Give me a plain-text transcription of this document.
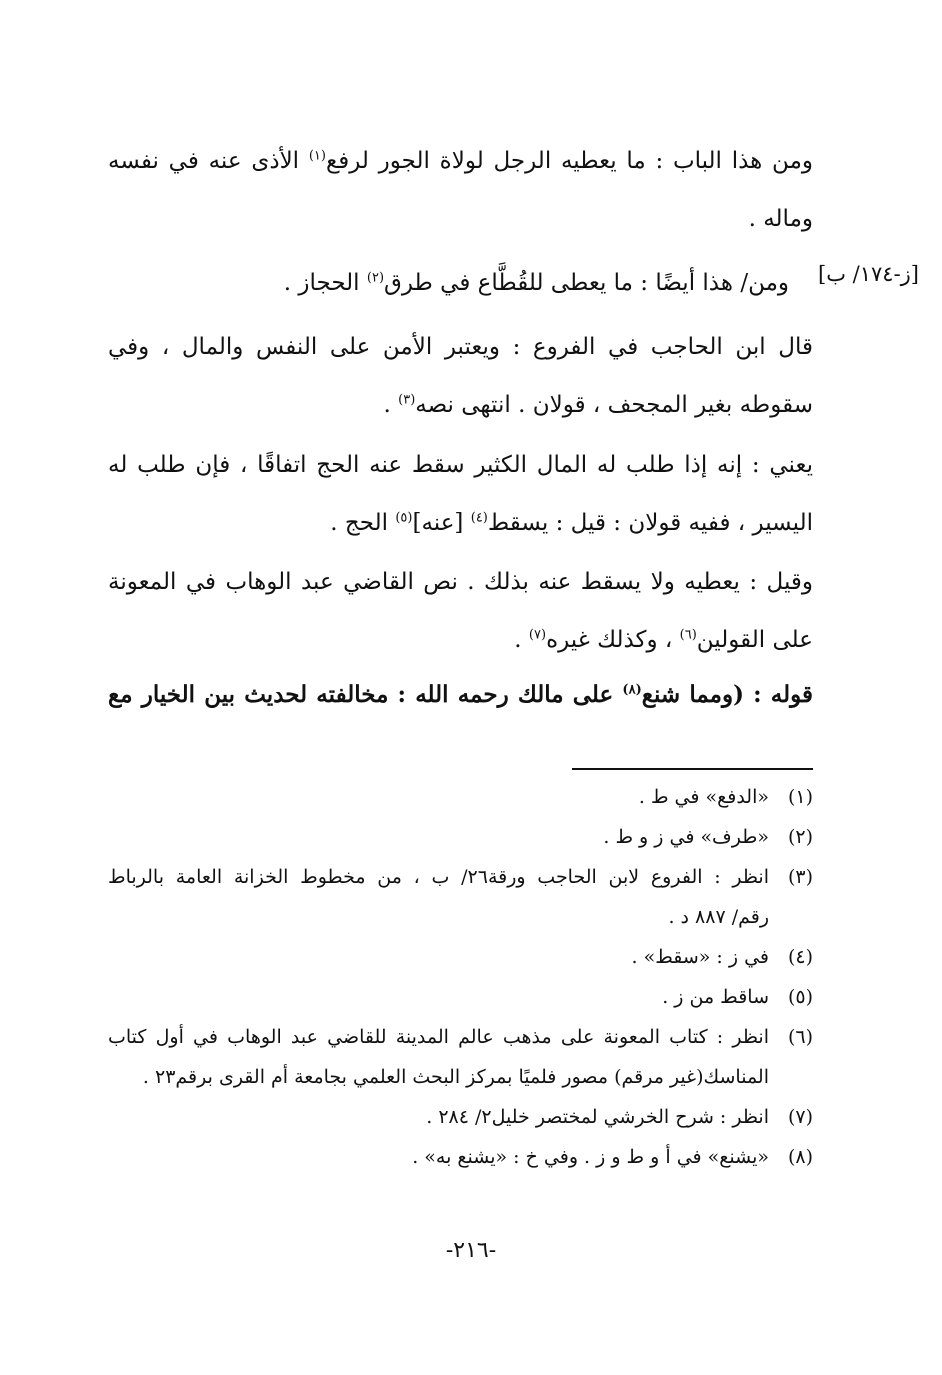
ومن هذا الباب : ما يعطيه الرجل لولاة الجور لرفع$^{(١)}$ الأذى عنه في نفسه
وماله .
[ز-١٧٤/ ب]
ومن/ هذا أيضًا : ما يعطى للقُطَّاع في طرق$^{(٢)}$ الحجاز .
قال ابن الحاجب في الفروع : ويعتبر الأمن على النفس والمال ، وفي
سقوطه بغير المجحف ، قولان . انتهى نصه$^{(٣)}$ .
يعني : إنه إذا طلب له المال الكثير سقط عنه الحج اتفاقًا ، فإن طلب له
اليسير ، ففيه قولان : قيل : يسقط$^{(٤)}$ [عنه]$^{(٥)}$ الحج .
وقيل : يعطيه ولا يسقط عنه بذلك . نص القاضي عبد الوهاب في المعونة
على القولين$^{(٦)}$ ، وكذلك غيره$^{(٧)}$ .
قوله : (ومما شنع$^{(٨)}$ على مالك رحمه الله : مخالفته لحديث بين الخيار مع
(١)
«الدفع» في ط .
(٢)
«طرف» في ز و ط .
(٣)
انظر : الفروع لابن الحاجب ورقة٢٦/ ب ، من مخطوط الخزانة العامة بالرباط
رقم/ ٨٨٧ د .
(٤)
في ز : «سقط» .
(٥)
ساقط من ز .
(٦)
انظر : كتاب المعونة على مذهب عالم المدينة للقاضي عبد الوهاب في أول كتاب
المناسك(غير مرقم) مصور فلميًا بمركز البحث العلمي بجامعة أم القرى برقم٢٣ .
(٧)
انظر : شرح الخرشي لمختصر خليل٢/ ٢٨٤ .
(٨)
«يشنع» في أ و ط و ز . وفي خ : «يشنع به» .
-٢١٦-
